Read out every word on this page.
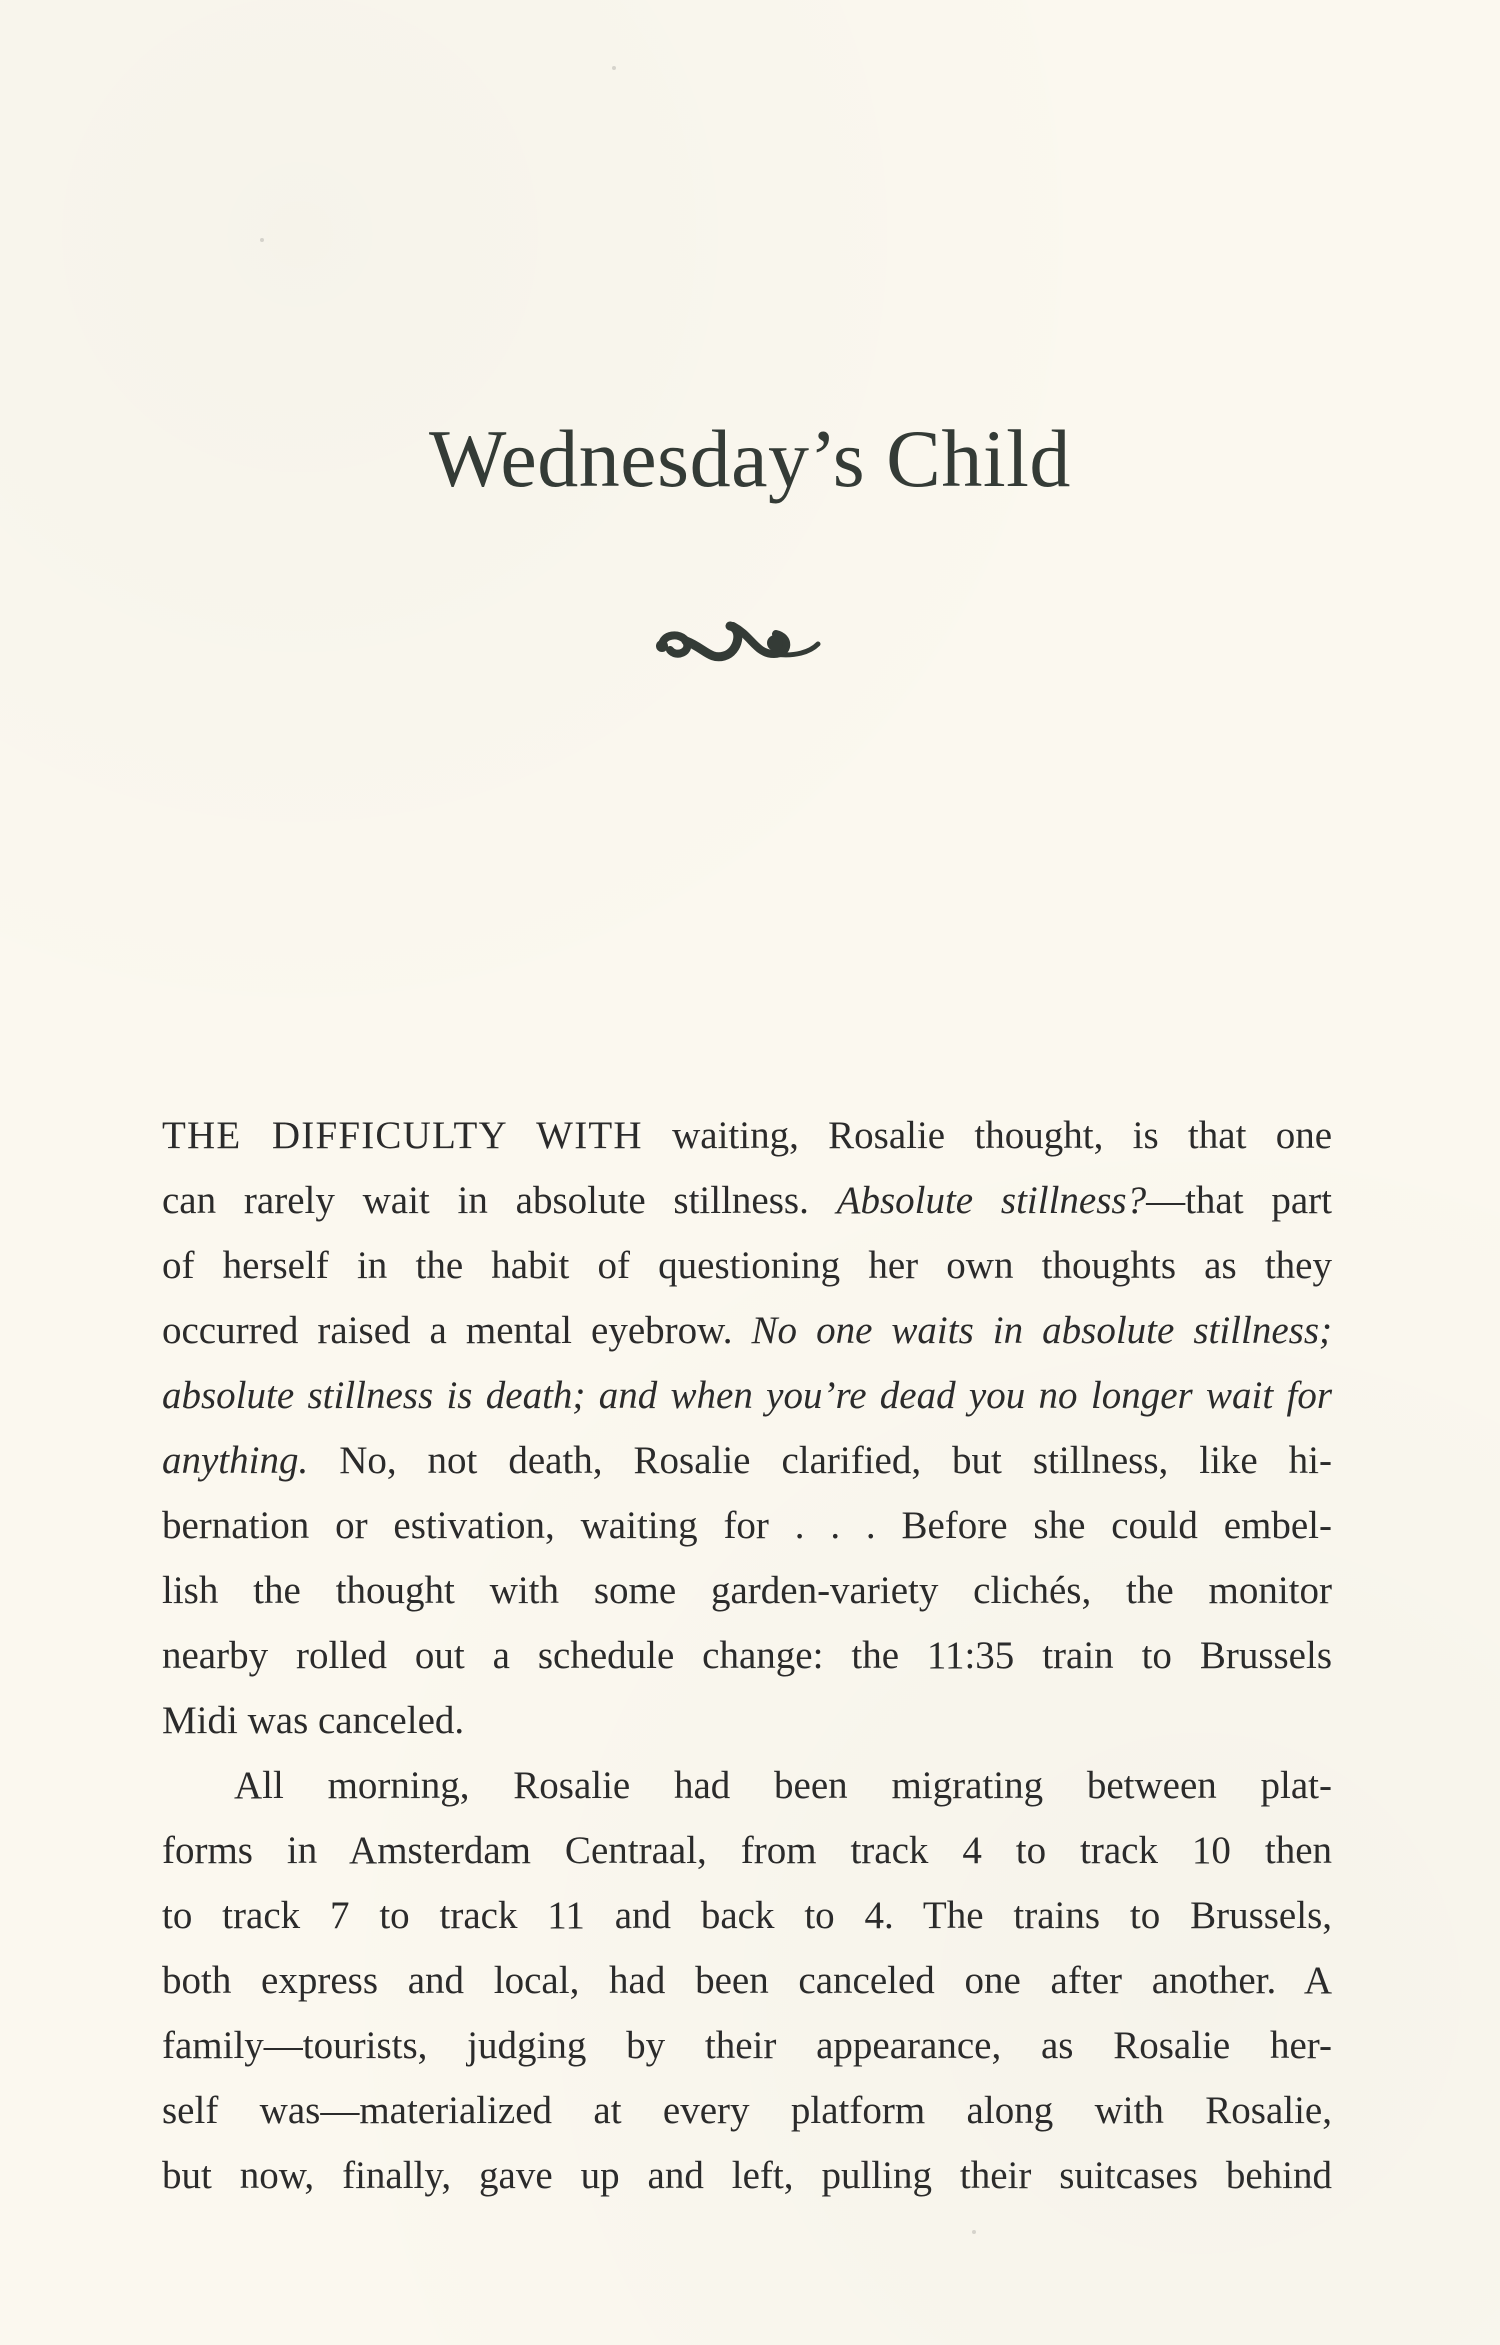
Wednesday’s Child
THE DIFFICULTY WITH waiting, Rosalie thought, is that one
can rarely wait in absolute stillness. Absolute stillness?—that part
of herself in the habit of questioning her own thoughts as they
occurred raised a mental eyebrow. No one waits in absolute stillness;
absolute stillness is death; and when you’re dead you no longer wait for
anything. No, not death, Rosalie clarified, but stillness, like hi-
bernation or estivation, waiting for . . . Before she could embel-
lish the thought with some garden-variety clichés, the monitor
nearby rolled out a schedule change: the 11:35 train to Brussels
Midi was canceled.
All morning, Rosalie had been migrating between plat-
forms in Amsterdam Centraal, from track 4 to track 10 then
to track 7 to track 11 and back to 4. The trains to Brussels,
both express and local, had been canceled one after another. A
family—tourists, judging by their appearance, as Rosalie her-
self was—materialized at every platform along with Rosalie,
but now, finally, gave up and left, pulling their suitcases behind
